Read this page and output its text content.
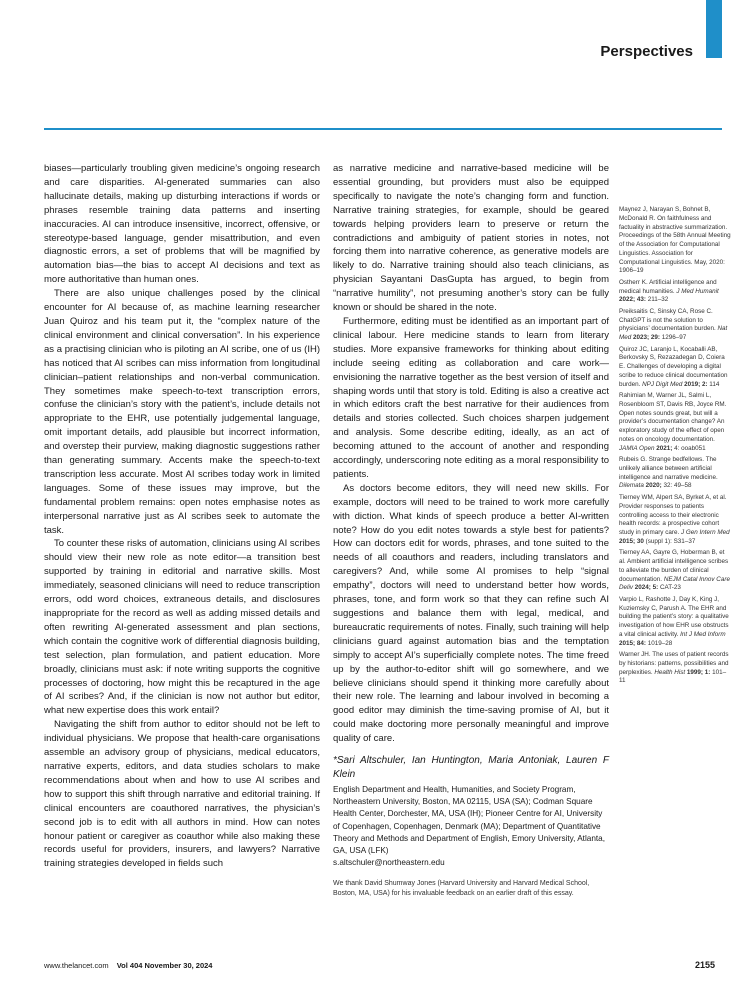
Perspectives

biases—particularly troubling given medicine’s ongoing research and care disparities. AI-generated summaries can also hallucinate details, making up disturbing interactions if words or phrases resemble training data patterns and inserting inaccuracies. AI can introduce insensitive, incorrect, offensive, or stereotype-based language, gender misattribution, and even diagnostic errors, a set of problems that will be magnified by automation bias—the bias to accept AI decisions and text as more authoritative than human ones.

There are also unique challenges posed by the clinical encounter for AI because of, as machine learning researcher Juan Quiroz and his team put it, the “complex nature of the clinical environment and clinical conversation”. In his experience as a practising clinician who is piloting an AI scribe, one of us (IH) has noticed that AI scribes can miss information from longitudinal clinician–patient relationships and non-verbal communication. They sometimes make speech-to-text transcription errors, confuse the clinician’s story with the patient’s, include details not appropriate to the EHR, use potentially judgemental language, omit important details, add plausible but incorrect information, and overstep their purview, making diagnostic suggestions rather than generating summary. Accents make the speech-to-text transcription less accurate. Most AI scribes today work in limited languages. Some of these issues may improve, but the fundamental problem remains: open notes emphasise notes as interpersonal narrative just as AI scribes seek to automate the task.

To counter these risks of automation, clinicians using AI scribes should view their new role as note editor—a transition best supported by training in editorial and narrative skills. Most immediately, seasoned clinicians will need to reduce transcription errors, odd word choices, extraneous details, and disclosures inappropriate for the record as well as adding missed details and often rewriting AI-generated assessment and plan sections, which contain the cognitive work of differential diagnosis building, test selection, plan formulation, and patient education. More broadly, clinicians must ask: if note writing supports the cognitive processes of doctoring, how might this be recaptured in the age of AI scribes? And, if the clinician is now not author but editor, what new expertise does this work entail?

Navigating the shift from author to editor should not be left to individual physicians. We propose that health-care organisations assemble an advisory group of physicians, medical educators, narrative experts, editors, and data studies scholars to make recommendations about when and how to use AI scribes and how to support this shift through narrative and editorial training. If clinical encounters are coauthored narratives, the physician’s second job is to edit with all authors in mind. How can notes honour patient or caregiver as coauthor while also making these records useful for providers, insurers, and lawyers? Narrative training strategies developed in fields such

as narrative medicine and narrative-based medicine will be essential grounding, but providers must also be equipped specifically to navigate the note’s changing form and function. Narrative training strategies, for example, should be geared towards helping providers learn to preserve or return the contradictions and ambiguity of patient stories in notes, not forcing them into narrative coherence, as generative models are likely to do. Narrative training should also teach clinicians, as physician Sayantani DasGupta has argued, to begin from “narrative humility”, not presuming another’s story can be fully known or should be shared in the note.

Furthermore, editing must be identified as an important part of clinical labour. Here medicine stands to learn from literary studies. More expansive frameworks for thinking about editing include seeing editing as collaboration and care work—envisioning the narrative together as the best version of itself and shaping words until that story is told. Editing is also a creative act in which editors craft the best narrative for their audiences from details and stories collected. Such choices sharpen judgement and analysis. Some describe editing, ideally, as an act of becoming attuned to the account of another and responding accordingly, underscoring note editing as a moral responsibility to patients.

As doctors become editors, they will need new skills. For example, doctors will need to be trained to work more carefully with diction. What kinds of speech produce a better AI-written note? How do you edit notes towards a style best for patients? How can doctors edit for words, phrases, and tone suited to the needs of all coauthors and readers, including translators and caregivers? And, while some AI promises to help “signal empathy”, doctors will need to understand better how words, phrases, tone, and form work so that they can refine such AI suggestions and balance them with legal, medical, and bureaucratic requirements of notes. Finally, such training will help clinicians guard against automation bias and the temptation simply to accept AI’s superficially complete notes. The time freed up by the author-to-editor shift will go somewhere, and we believe clinicians should spend it thinking more carefully about their new role. The learning and labour involved in becoming a good editor may diminish the time-saving promise of AI, but it could make doctoring more personally meaningful and improve quality of care.

*Sari Altschuler, Ian Huntington, Maria Antoniak, Lauren F Klein
English Department and Health, Humanities, and Society Program, Northeastern University, Boston, MA 02115, USA (SA); Codman Square Health Center, Dorchester, MA, USA (IH); Pioneer Centre for AI, University of Copenhagen, Copenhagen, Denmark (MA); Department of Quantitative Theory and Methods and Department of English, Emory University, Atlanta, GA, USA (LFK)
s.altschuler@northeastern.edu
We thank David Shumway Jones (Harvard University and Harvard Medical School, Boston, MA, USA) for his invaluable feedback on an earlier draft of this essay.
Maynez J, Narayan S, Bohnet B, McDonald R. On faithfulness and factuality in abstractive summarization. Proceedings of the 58th Annual Meeting of the Association for Computational Linguistics. Association for Computational Linguistics. May, 2020: 1906–19
Ostherr K. Artificial intelligence and medical humanities. J Med Humanit 2022; 43: 211–32
Preiksaitis C, Sinsky CA, Rose C. ChatGPT is not the solution to physicians’ documentation burden. Nat Med 2023; 29: 1296–97
Quiroz JC, Laranjo L, Kocaballi AB, Berkovsky S, Rezazadegan D, Coiera E. Challenges of developing a digital scribe to reduce clinical documentation burden. NPJ Digit Med 2019; 2: 114
Rahimian M, Warner JL, Salmi L, Rosenbloom ST, Davis RB, Joyce RM. Open notes sounds great, but will a provider’s documentation change? An exploratory study of the effect of open notes on oncology documentation. JAMIA Open 2021; 4: ooab051
Rubeis G. Strange bedfellows. The unlikely alliance between artificial intelligence and narrative medicine. Dilemata 2020; 32: 49–58
Tierney WM, Alpert SA, Byrket A, et al. Provider responses to patients controlling access to their electronic health records: a prospective cohort study in primary care. J Gen Intern Med 2015; 30 (suppl 1): S31–37
Tierney AA, Gayre G, Hoberman B, et al. Ambient artificial intelligence scribes to alleviate the burden of clinical documentation. NEJM Catal Innov Care Deliv 2024; 5: CAT-23
Varpio L, Rashotte J, Day K, King J, Kuziemsky C, Parush A. The EHR and building the patient’s story: a qualitative investigation of how EHR use obstructs a vital clinical activity. Int J Med Inform 2015; 84: 1019–28
Warner JH. The uses of patient records by historians: patterns, possibilities and perplexities. Health Hist 1999; 1: 101–11
www.thelancet.com Vol 404 November 30, 2024	2155
